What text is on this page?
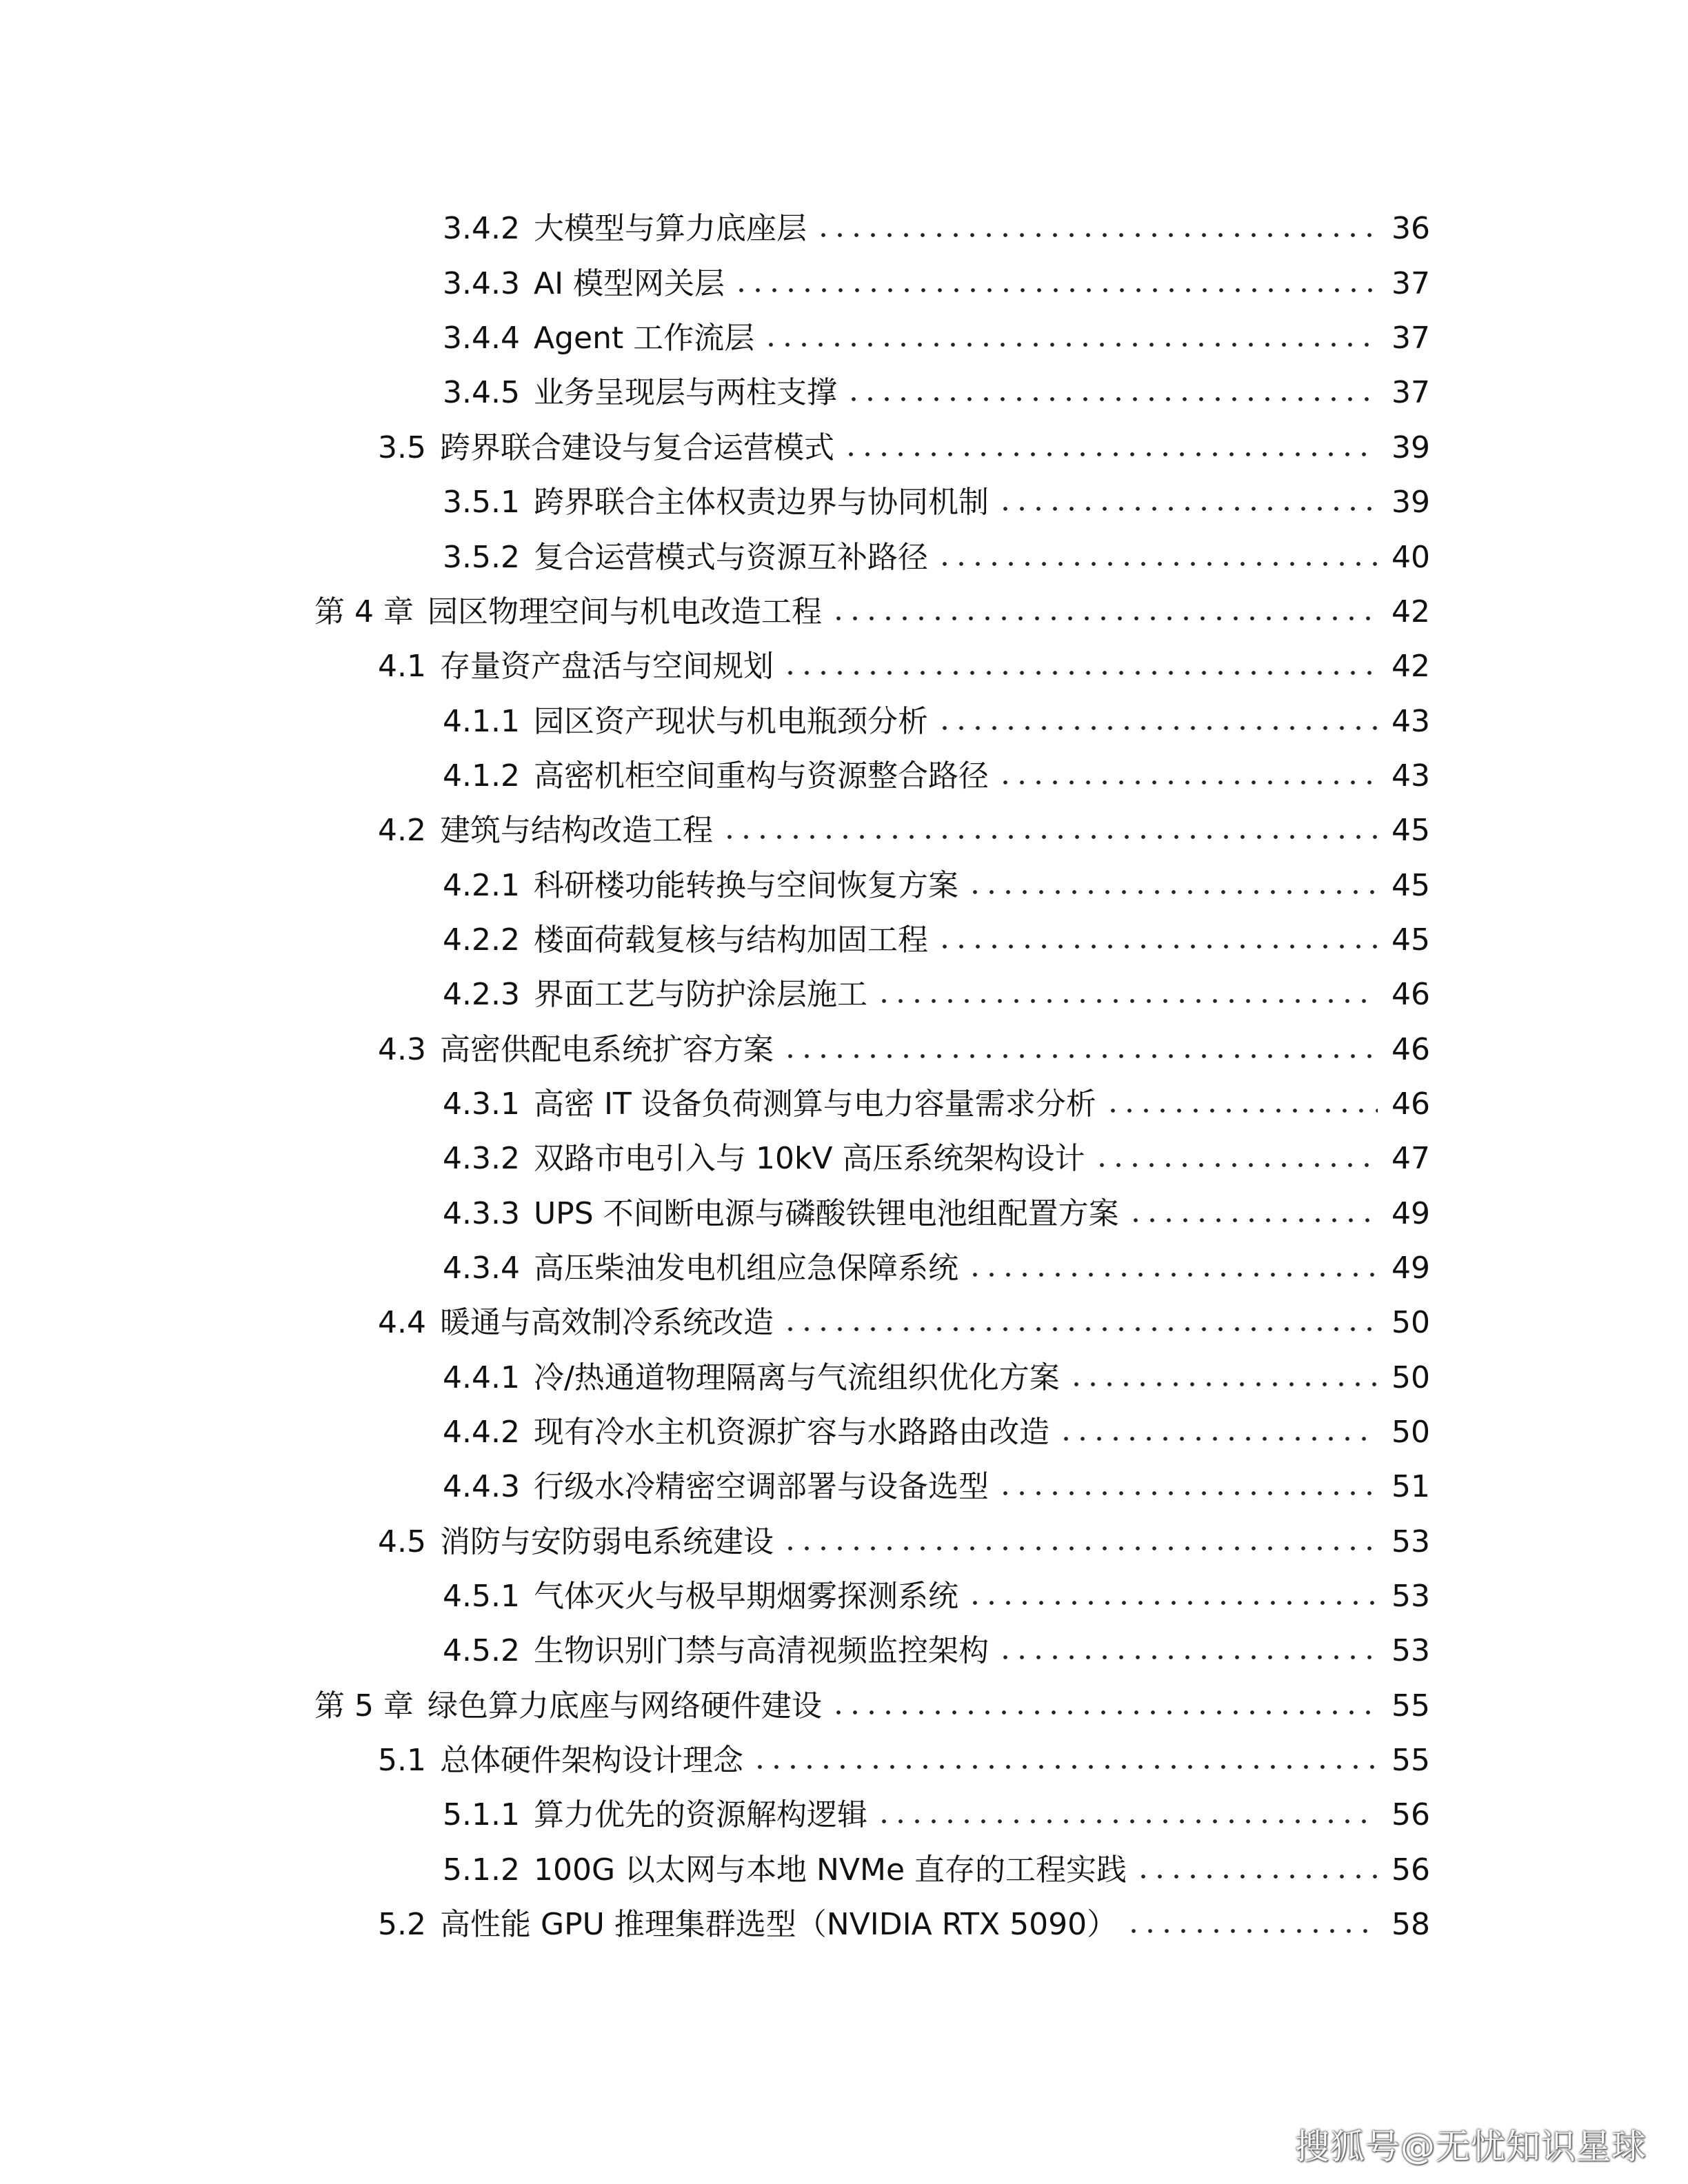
3.4.2 大模型与算力底座层	36
3.4.3 AI 模型网关层	37
3.4.4 Agent 工作流层	37
3.4.5 业务呈现层与两柱支撑	37
3.5 跨界联合建设与复合运营模式	39
3.5.1 跨界联合主体权责边界与协同机制	39
3.5.2 复合运营模式与资源互补路径	40
第 4 章 园区物理空间与机电改造工程	42
4.1 存量资产盘活与空间规划	42
4.1.1 园区资产现状与机电瓶颈分析	43
4.1.2 高密机柜空间重构与资源整合路径	43
4.2 建筑与结构改造工程	45
4.2.1 科研楼功能转换与空间恢复方案	45
4.2.2 楼面荷载复核与结构加固工程	45
4.2.3 界面工艺与防护涂层施工	46
4.3 高密供配电系统扩容方案	46
4.3.1 高密 IT 设备负荷测算与电力容量需求分析	46
4.3.2 双路市电引入与 10kV 高压系统架构设计	47
4.3.3 UPS 不间断电源与磷酸铁锂电池组配置方案	49
4.3.4 高压柴油发电机组应急保障系统	49
4.4 暖通与高效制冷系统改造	50
4.4.1 冷/热通道物理隔离与气流组织优化方案	50
4.4.2 现有冷水主机资源扩容与水路路由改造	50
4.4.3 行级水冷精密空调部署与设备选型	51
4.5 消防与安防弱电系统建设	53
4.5.1 气体灭火与极早期烟雾探测系统	53
4.5.2 生物识别门禁与高清视频监控架构	53
第 5 章 绿色算力底座与网络硬件建设	55
5.1 总体硬件架构设计理念	55
5.1.1 算力优先的资源解构逻辑	56
5.1.2 100G 以太网与本地 NVMe 直存的工程实践	56
5.2 高性能 GPU 推理集群选型（NVIDIA RTX 5090）	58
搜狐号@无忧知识星球
